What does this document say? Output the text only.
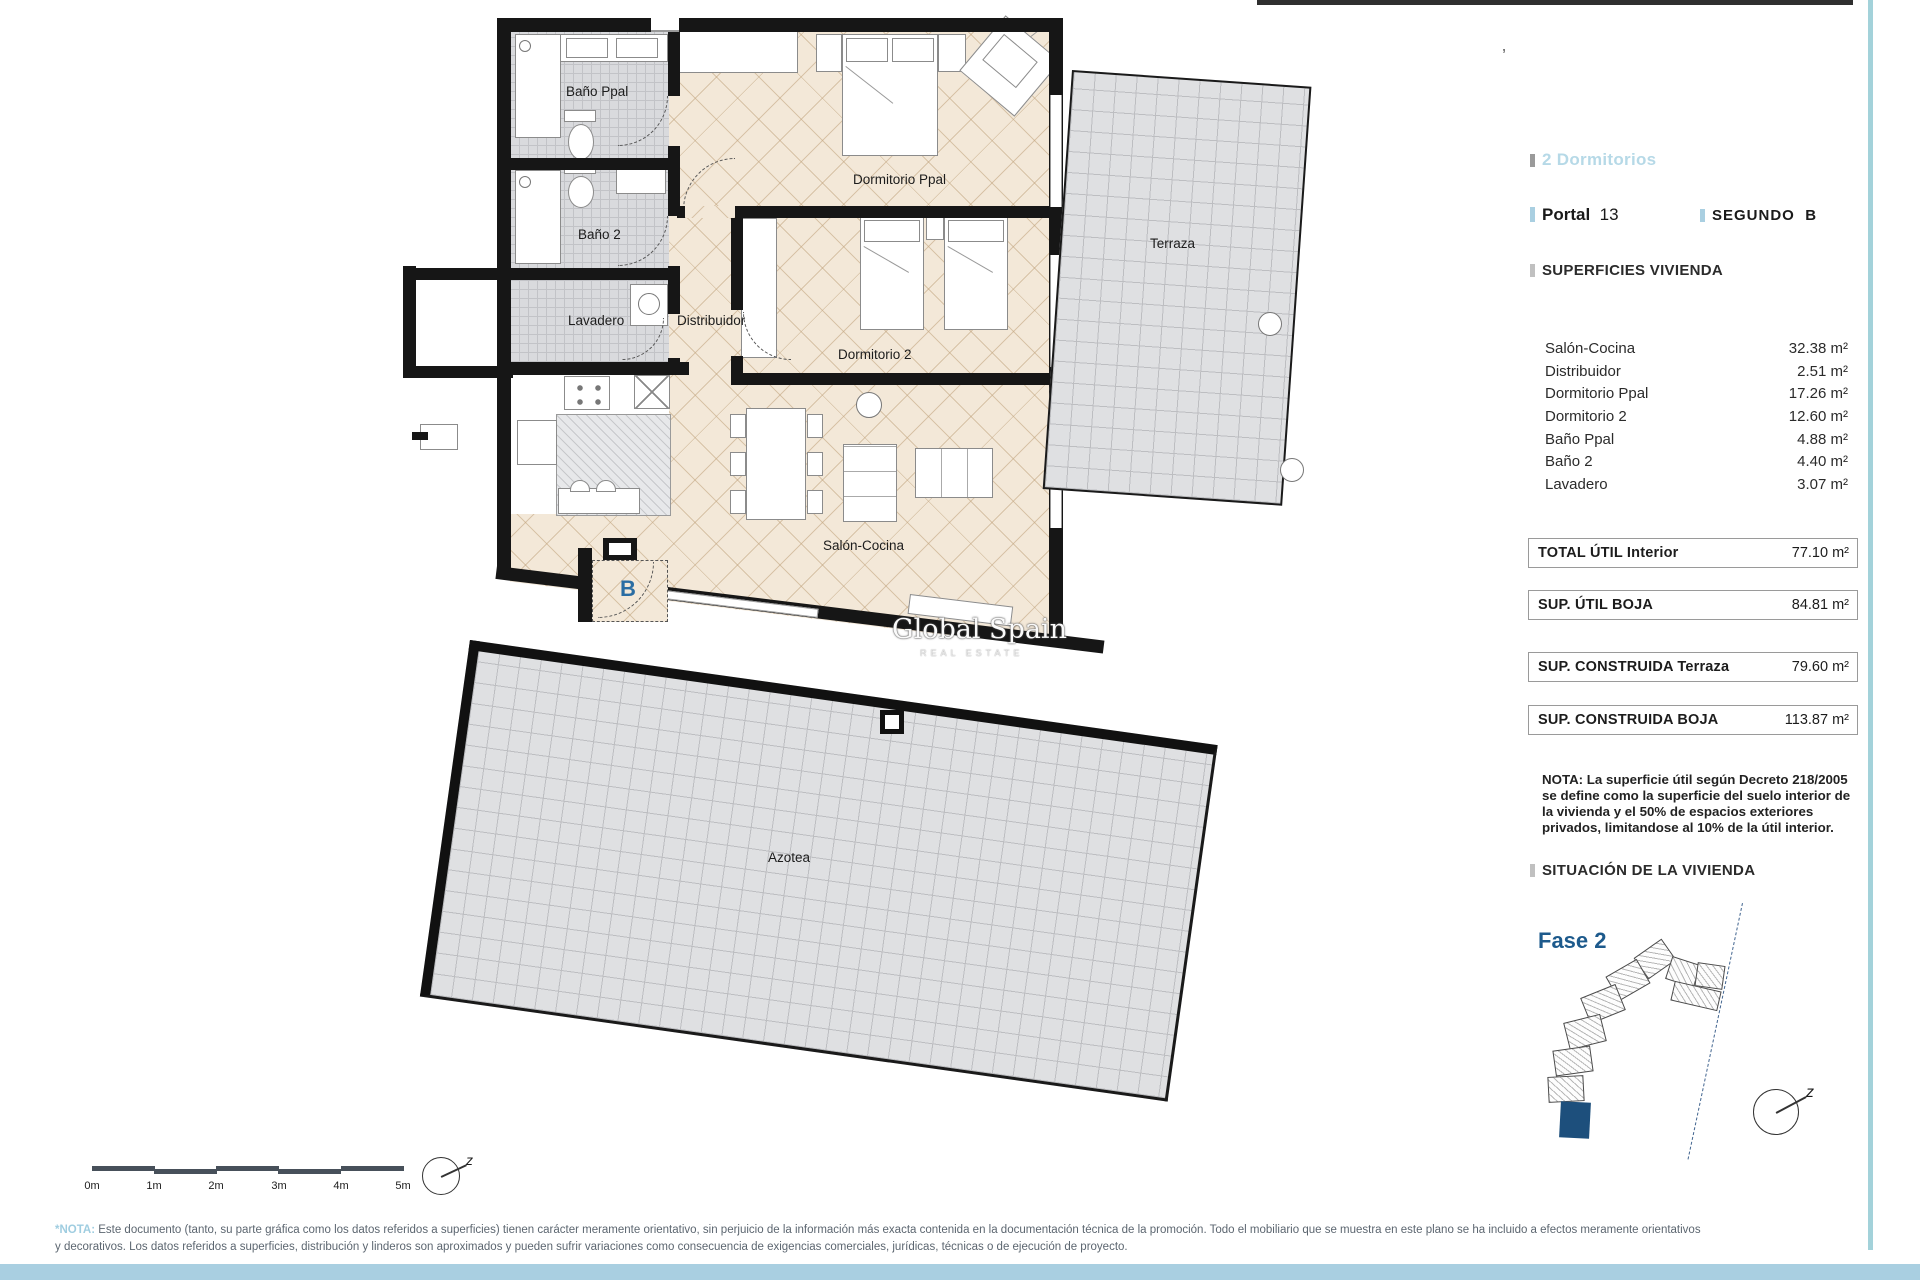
B
Baño Ppal
Baño 2
Lavadero	Distribuidor
Dormitorio Ppal
Dormitorio 2
Salón-Cocina
Terraza
Azotea
Global Spain
REAL ESTATE
’
2 Dormitorios
Portal 13	SEGUNDO B
SUPERFICIES VIVIENDA
Salón-Cocina	32.38 m²
Distribuidor	2.51 m²
Dormitorio Ppal	17.26 m²
Dormitorio 2	12.60 m²
Baño Ppal	4.88 m²
Baño 2	4.40 m²
Lavadero	3.07 m²
TOTAL ÚTIL Interior	77.10 m²
SUP. ÚTIL BOJA	84.81 m²
SUP. CONSTRUIDA Terraza	79.60 m²
SUP. CONSTRUIDA BOJA	113.87 m²
NOTA: La superficie útil según Decreto 218/2005 se define como la superficie del suelo interior de la vivienda y el 50% de espacios exteriores privados, limitandose al 10% de la útil interior.
SITUACIÓN DE LA VIVIENDA
Fase 2
z
0m	1m	2m	3m	4m	5m
z
*NOTA: Este documento (tanto, su parte gráfica como los datos referidos a superficies) tienen carácter meramente orientativo, sin perjuicio de la información más exacta contenida en la documentación técnica de la promoción. Todo el mobiliario que se muestra en este plano se ha incluido a efectos meramente orientativos
y decorativos. Los datos referidos a superficies, distribución y linderos son aproximados y pueden sufrir variaciones como consecuencia de exigencias comerciales, jurídicas, técnicas o de ejecución de proyecto.
